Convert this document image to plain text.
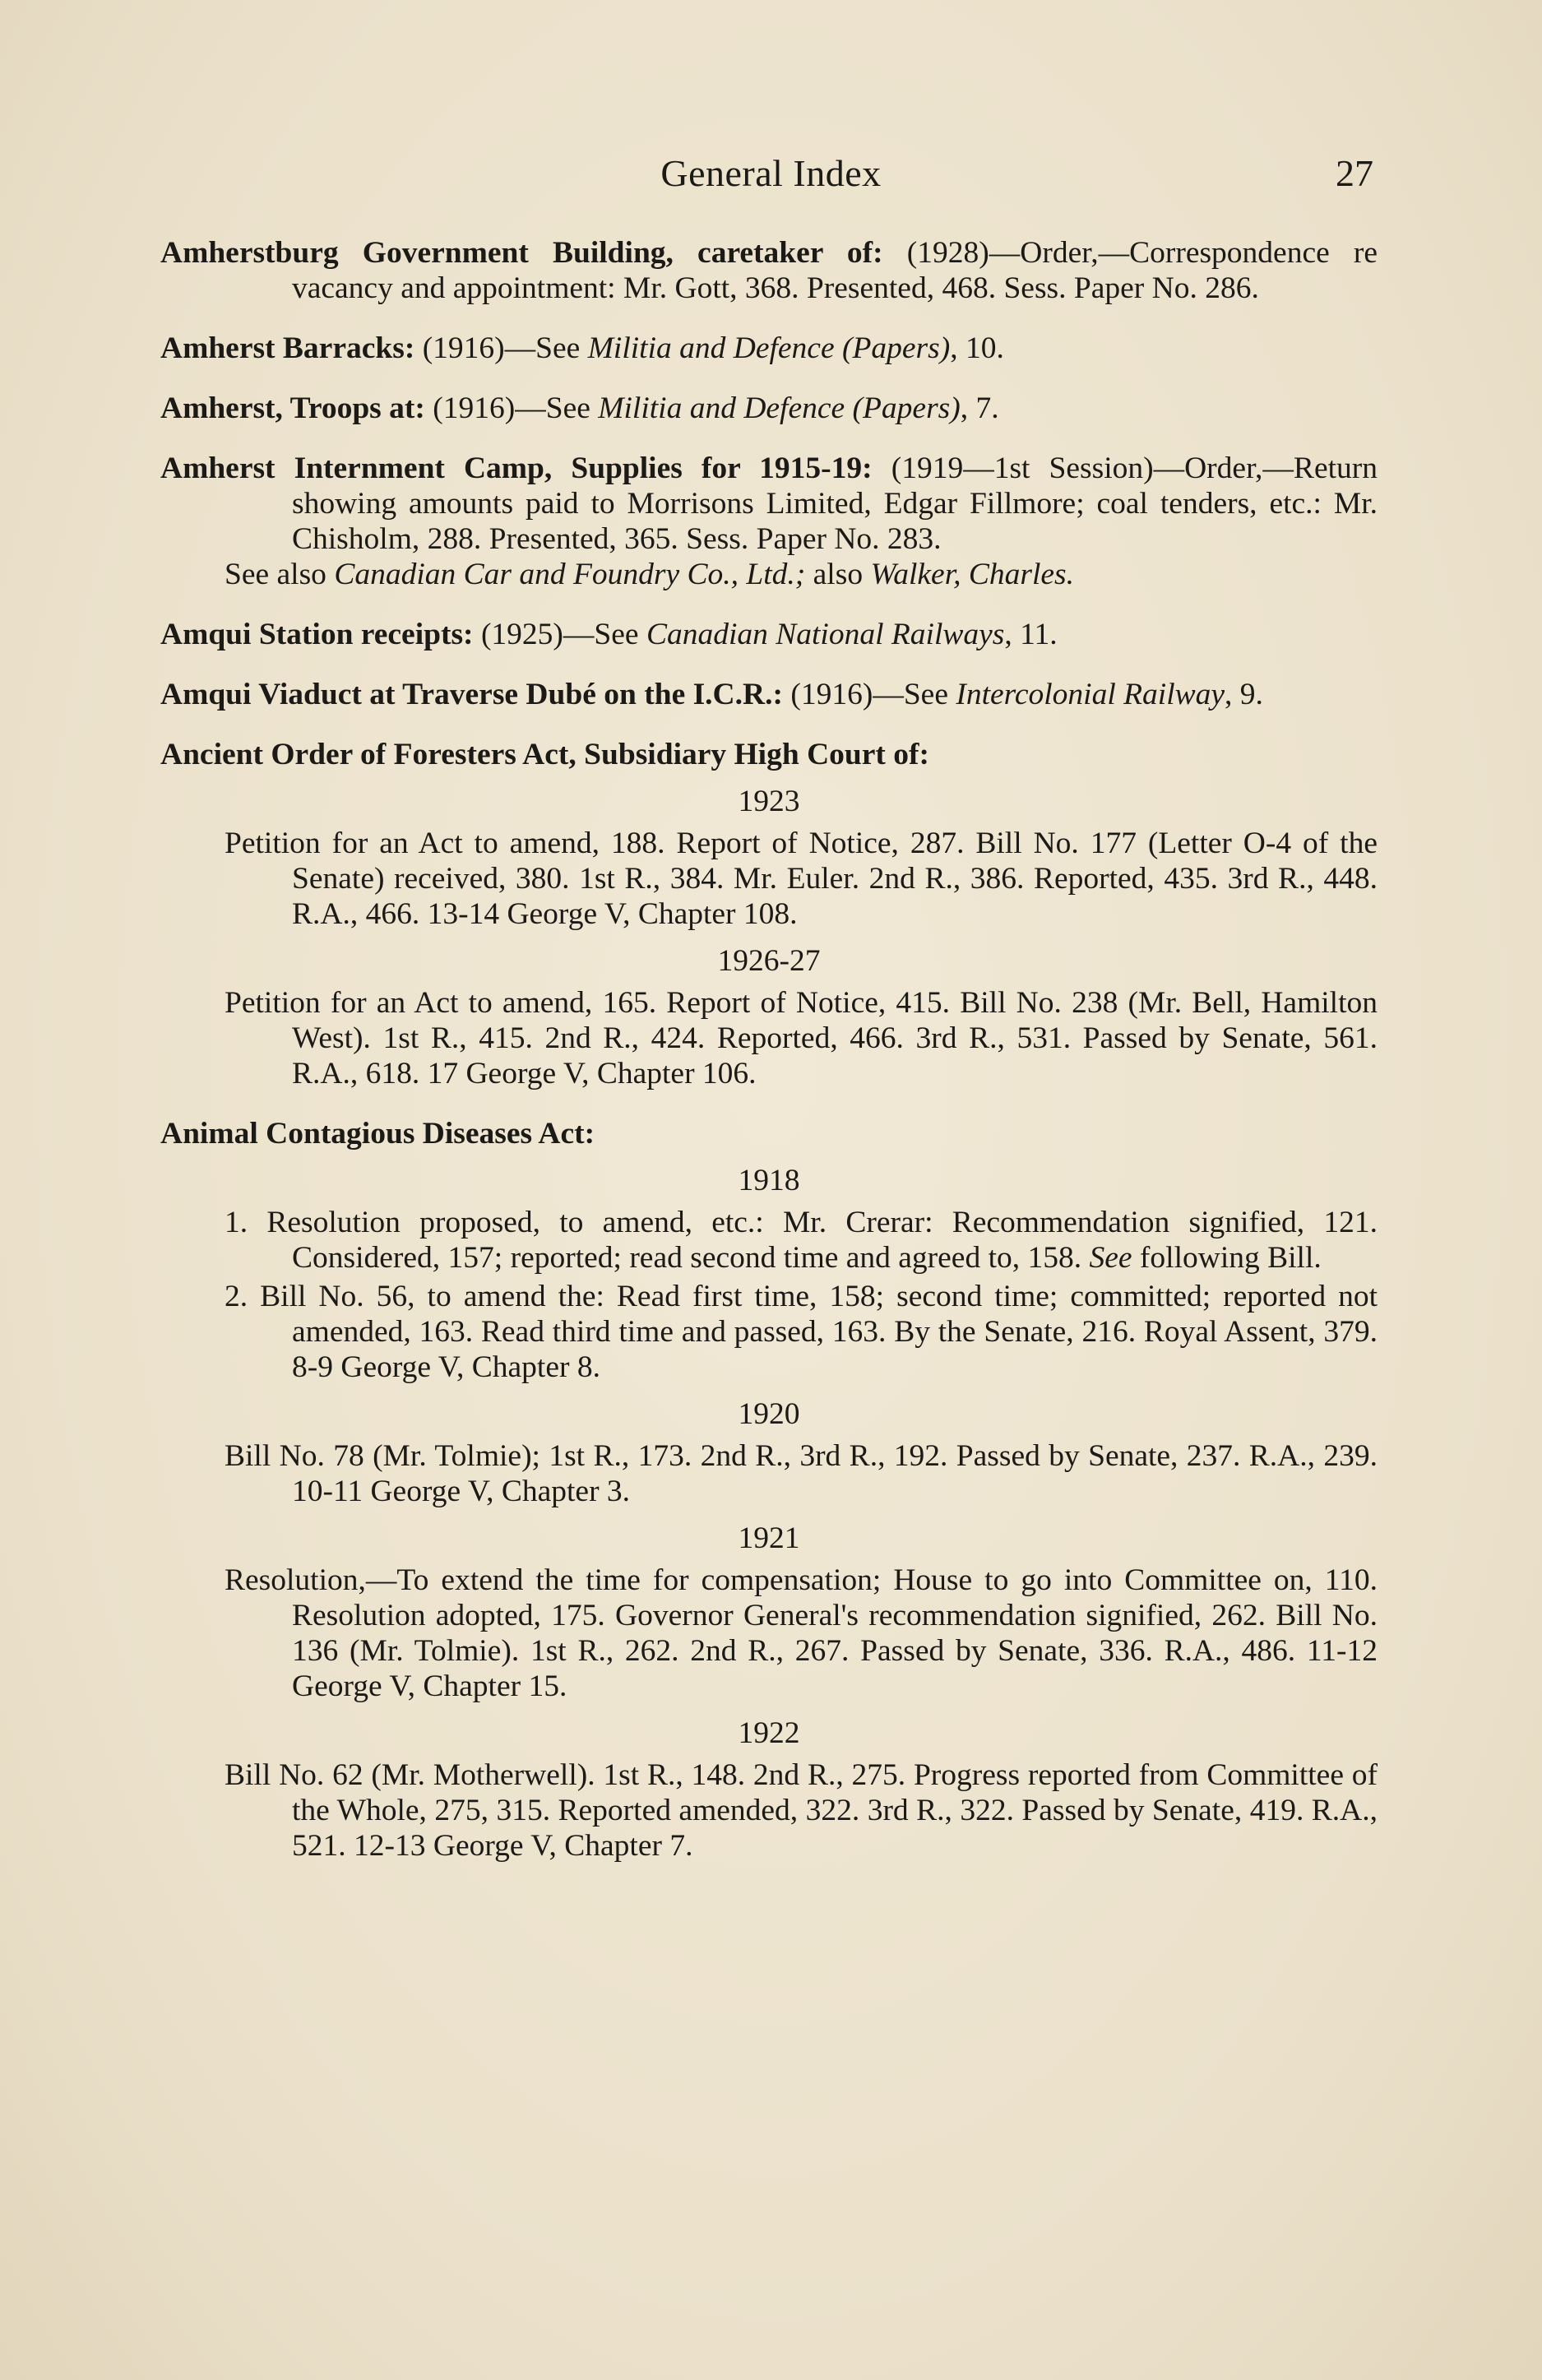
General Index	27
Amherstburg Government Building, caretaker of: (1928)—Order,—Correspondence re vacancy and appointment: Mr. Gott, 368. Presented, 468. Sess. Paper No. 286.
Amherst Barracks: (1916)—See Militia and Defence (Papers), 10.
Amherst, Troops at: (1916)—See Militia and Defence (Papers), 7.
Amherst Internment Camp, Supplies for 1915-19: (1919—1st Session)—Order,—Return showing amounts paid to Morrisons Limited, Edgar Fillmore; coal tenders, etc.: Mr. Chisholm, 288. Presented, 365. Sess. Paper No. 283.
See also Canadian Car and Foundry Co., Ltd.; also Walker, Charles.
Amqui Station receipts: (1925)—See Canadian National Railways, 11.
Amqui Viaduct at Traverse Dubé on the I.C.R.: (1916)—See Intercolonial Railway, 9.
Ancient Order of Foresters Act, Subsidiary High Court of:
1923
Petition for an Act to amend, 188. Report of Notice, 287. Bill No. 177 (Letter O-4 of the Senate) received, 380. 1st R., 384. Mr. Euler. 2nd R., 386. Reported, 435. 3rd R., 448. R.A., 466. 13-14 George V, Chapter 108.
1926-27
Petition for an Act to amend, 165. Report of Notice, 415. Bill No. 238 (Mr. Bell, Hamilton West). 1st R., 415. 2nd R., 424. Reported, 466. 3rd R., 531. Passed by Senate, 561. R.A., 618. 17 George V, Chapter 106.
Animal Contagious Diseases Act:
1918
1. Resolution proposed, to amend, etc.: Mr. Crerar: Recommendation signified, 121. Considered, 157; reported; read second time and agreed to, 158. See following Bill.
2. Bill No. 56, to amend the: Read first time, 158; second time; committed; reported not amended, 163. Read third time and passed, 163. By the Senate, 216. Royal Assent, 379. 8-9 George V, Chapter 8.
1920
Bill No. 78 (Mr. Tolmie); 1st R., 173. 2nd R., 3rd R., 192. Passed by Senate, 237. R.A., 239. 10-11 George V, Chapter 3.
1921
Resolution,—To extend the time for compensation; House to go into Committee on, 110. Resolution adopted, 175. Governor General's recommendation signified, 262. Bill No. 136 (Mr. Tolmie). 1st R., 262. 2nd R., 267. Passed by Senate, 336. R.A., 486. 11-12 George V, Chapter 15.
1922
Bill No. 62 (Mr. Motherwell). 1st R., 148. 2nd R., 275. Progress reported from Committee of the Whole, 275, 315. Reported amended, 322. 3rd R., 322. Passed by Senate, 419. R.A., 521. 12-13 George V, Chapter 7.
